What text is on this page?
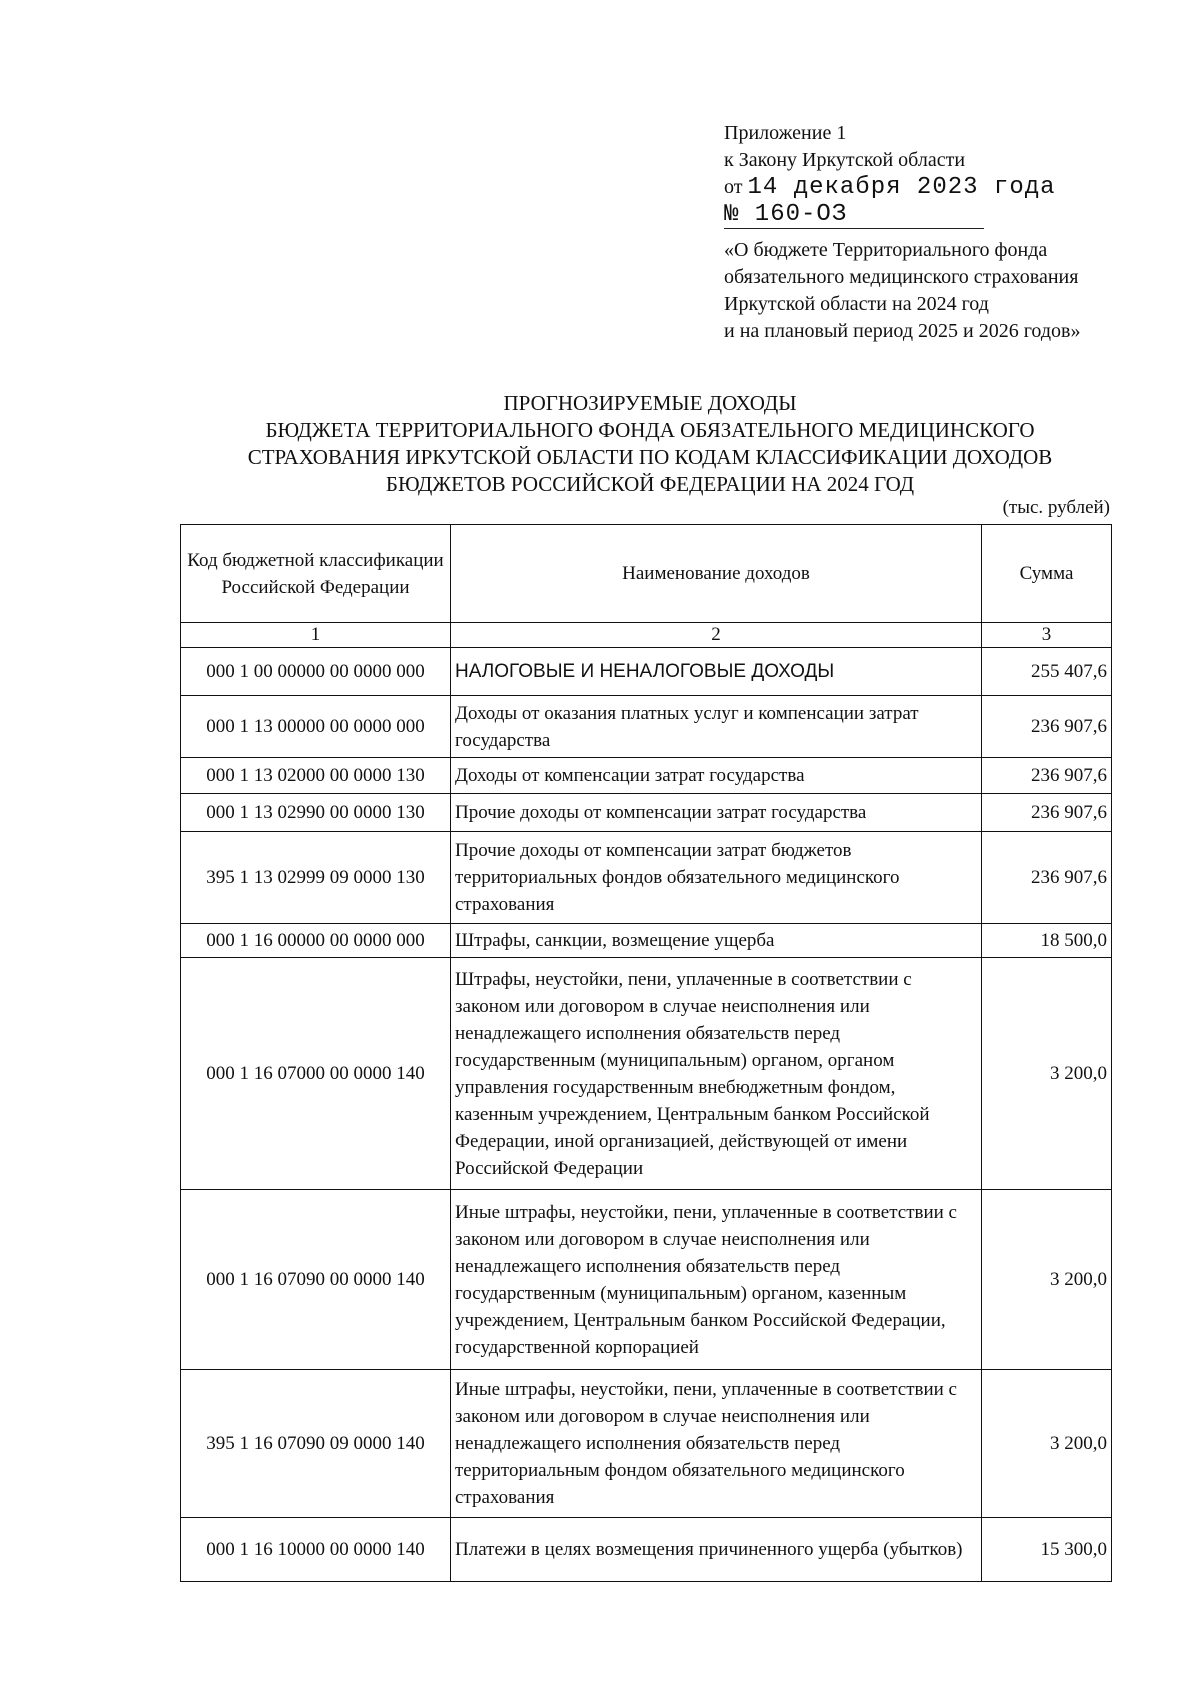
Приложение 1
к Закону Иркутской области
от 14 декабря 2023 года
№ 160-ОЗ
«О бюджете Территориального фонда
обязательного медицинского страхования
Иркутской области на 2024 год
и на плановый период 2025 и 2026 годов»
ПРОГНОЗИРУЕМЫЕ ДОХОДЫ
БЮДЖЕТА ТЕРРИТОРИАЛЬНОГО ФОНДА ОБЯЗАТЕЛЬНОГО МЕДИЦИНСКОГО
СТРАХОВАНИЯ ИРКУТСКОЙ ОБЛАСТИ ПО КОДАМ КЛАССИФИКАЦИИ ДОХОДОВ
БЮДЖЕТОВ РОССИЙСКОЙ ФЕДЕРАЦИИ НА 2024 ГОД
(тыс. рублей)
Код бюджетной классификации Российской Федерации	Наименование доходов	Сумма
1	2	3
000 1 00 00000 00 0000 000	НАЛОГОВЫЕ И НЕНАЛОГОВЫЕ ДОХОДЫ	255 407,6
000 1 13 00000 00 0000 000	Доходы от оказания платных услуг и компенсации затрат государства	236 907,6
000 1 13 02000 00 0000 130	Доходы от компенсации затрат государства	236 907,6
000 1 13 02990 00 0000 130	Прочие доходы от компенсации затрат государства	236 907,6
395 1 13 02999 09 0000 130	Прочие доходы от компенсации затрат бюджетов территориальных фондов обязательного медицинского страхования	236 907,6
000 1 16 00000 00 0000 000	Штрафы, санкции, возмещение ущерба	18 500,0
000 1 16 07000 00 0000 140	Штрафы, неустойки, пени, уплаченные в соответствии с законом или договором в случае неисполнения или ненадлежащего исполнения обязательств перед государственным (муниципальным) органом, органом управления государственным внебюджетным фондом, казенным учреждением, Центральным банком Российской Федерации, иной организацией, действующей от имени Российской Федерации	3 200,0
000 1 16 07090 00 0000 140	Иные штрафы, неустойки, пени, уплаченные в соответствии с законом или договором в случае неисполнения или ненадлежащего исполнения обязательств перед государственным (муниципальным) органом, казенным учреждением, Центральным банком Российской Федерации, государственной корпорацией	3 200,0
395 1 16 07090 09 0000 140	Иные штрафы, неустойки, пени, уплаченные в соответствии с законом или договором в случае неисполнения или ненадлежащего исполнения обязательств перед территориальным фондом обязательного медицинского страхования	3 200,0
000 1 16 10000 00 0000 140	Платежи в целях возмещения причиненного ущерба (убытков)	15 300,0
